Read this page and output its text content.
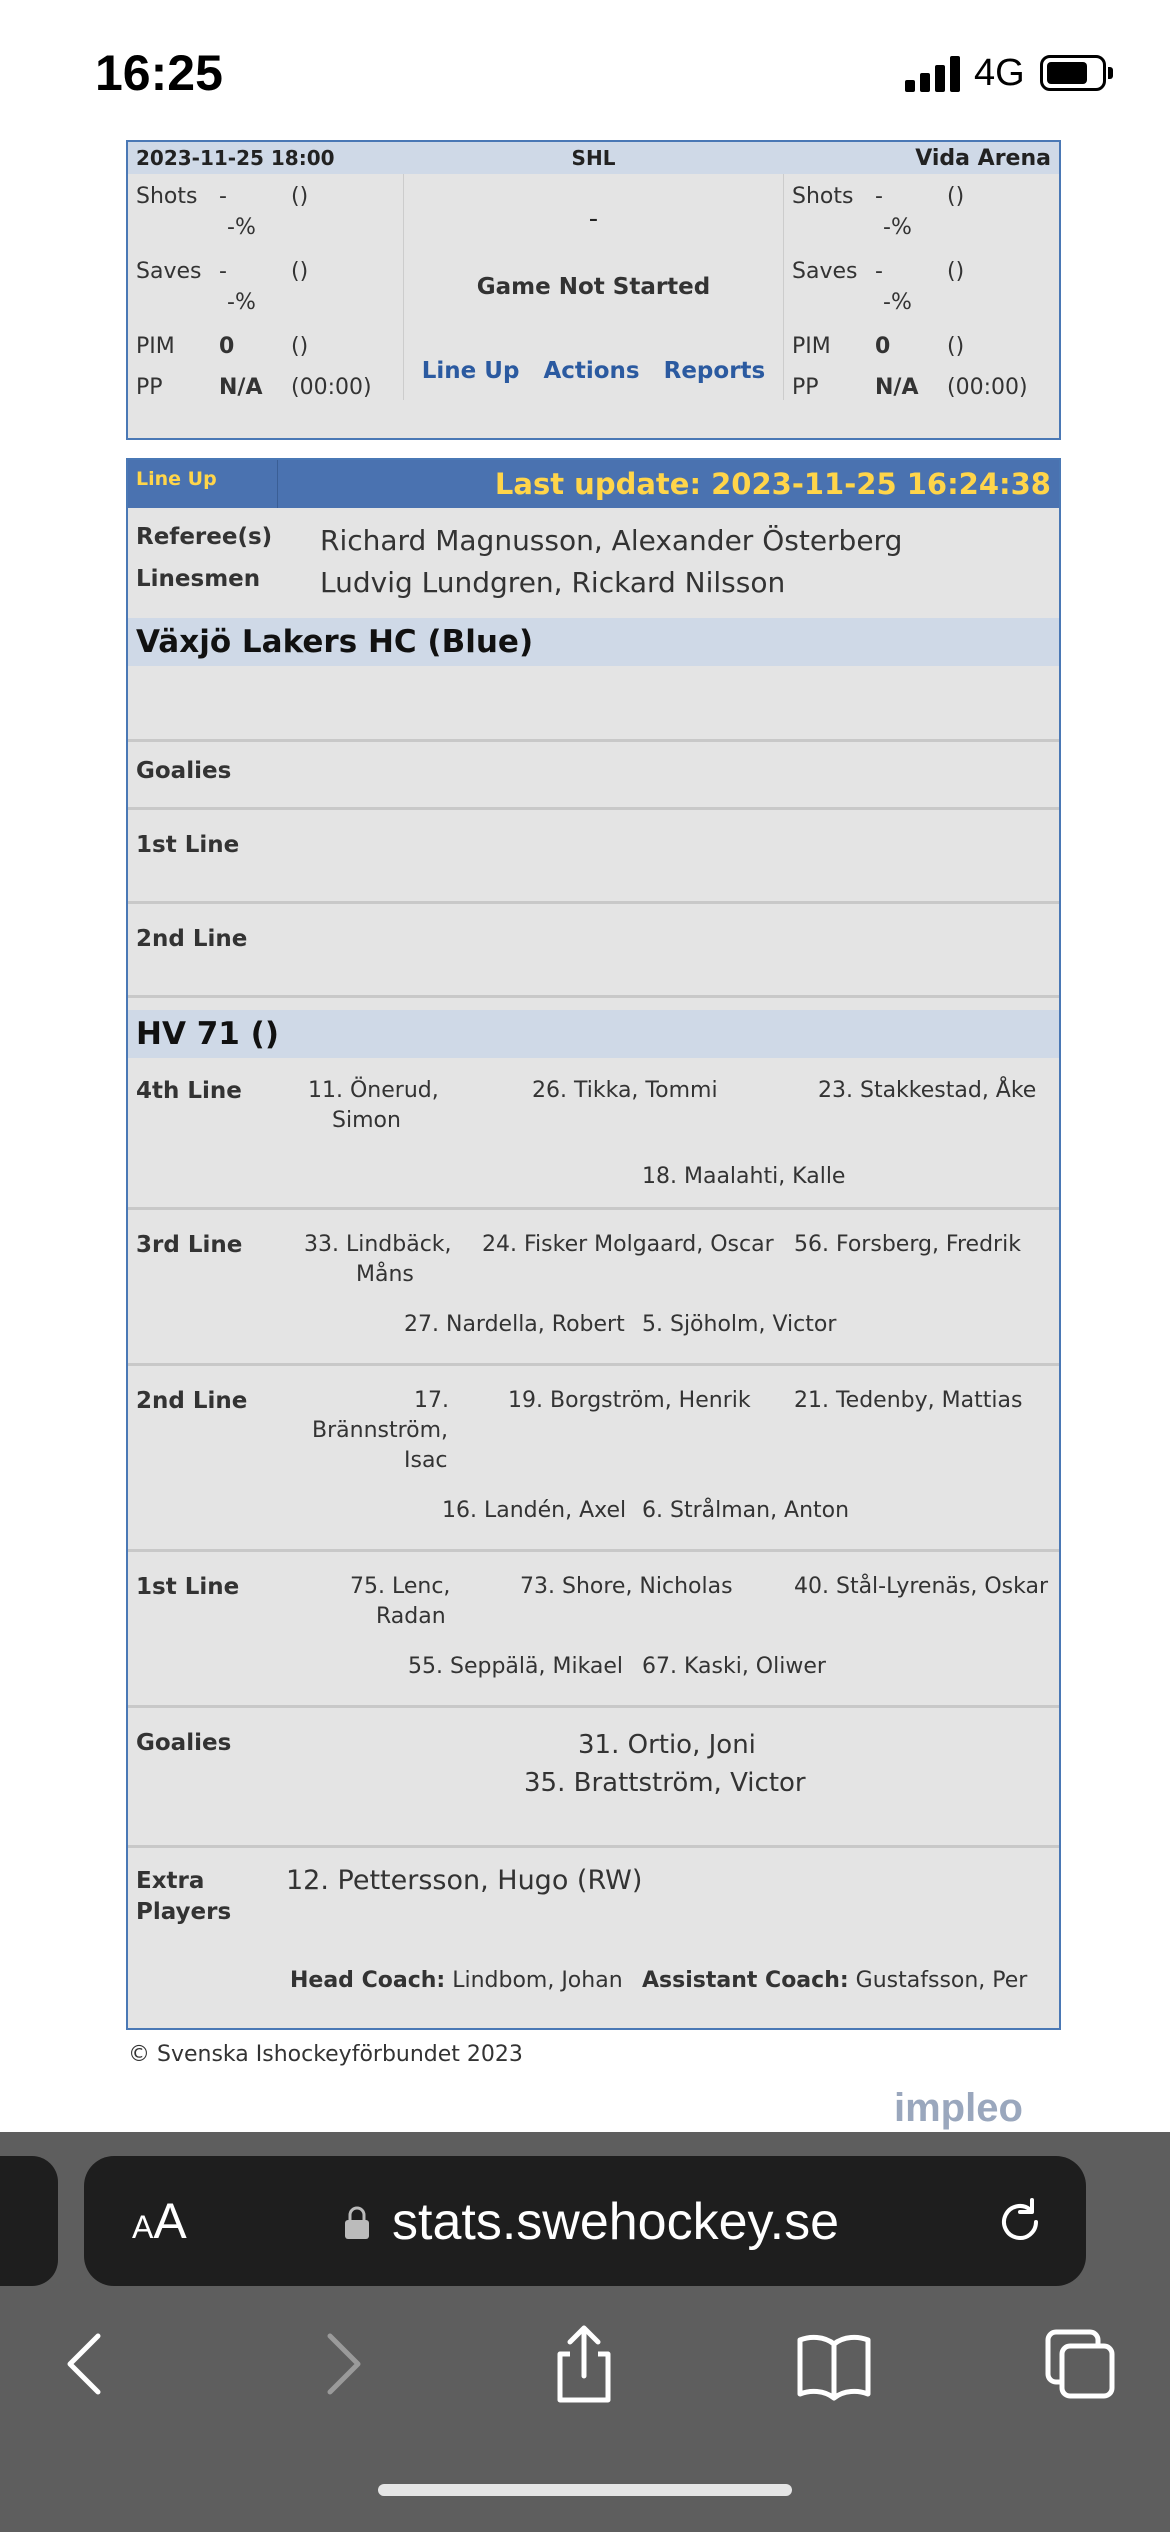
16:25	4G
2023-11-25 18:00	SHL	Vida Arena
Shots -	()
-%
Saves -	()
-%
PIM	0	()
PP	N/A	(00:00)
-
Game Not Started
Line Up Actions Reports
Shots -	()
-%
Saves -	()
-%
PIM	0	()
PP	N/A	(00:00)
Line Up	Last update: 2023-11-25 16:24:38
Referee(s)	Richard Magnusson, Alexander Österberg
Linesmen	Ludvig Lundgren, Rickard Nilsson
Växjö Lakers HC (Blue)
Goalies
1st Line
2nd Line
HV 71 ()
4th Line	11. Önerud,
Simon
26. Tikka, Tommi	23. Stakkestad, Åke
18. Maalahti, Kalle
3rd Line	33. Lindbäck,
Måns
24. Fisker Molgaard, Oscar 56. Forsberg, Fredrik
27. Nardella, Robert 5. Sjöholm, Victor
2nd Line	17.
Brännström,
Isac
19. Borgström, Henrik 21. Tedenby, Mattias
16. Landén, Axel 6. Strålman, Anton
1st Line	75. Lenc,
Radan
73. Shore, Nicholas	40. Stål-Lyrenäs, Oskar
55. Seppälä, Mikael 67. Kaski, Oliwer
Goalies	31. Ortio, Joni
35. Brattström, Victor
Extra
Players
12. Pettersson, Hugo (RW)
Head Coach: Lindbom, Johan Assistant Coach: Gustafsson, Per
© Svenska Ishockeyförbundet 2023
impleo
AA	stats.swehockey.se
